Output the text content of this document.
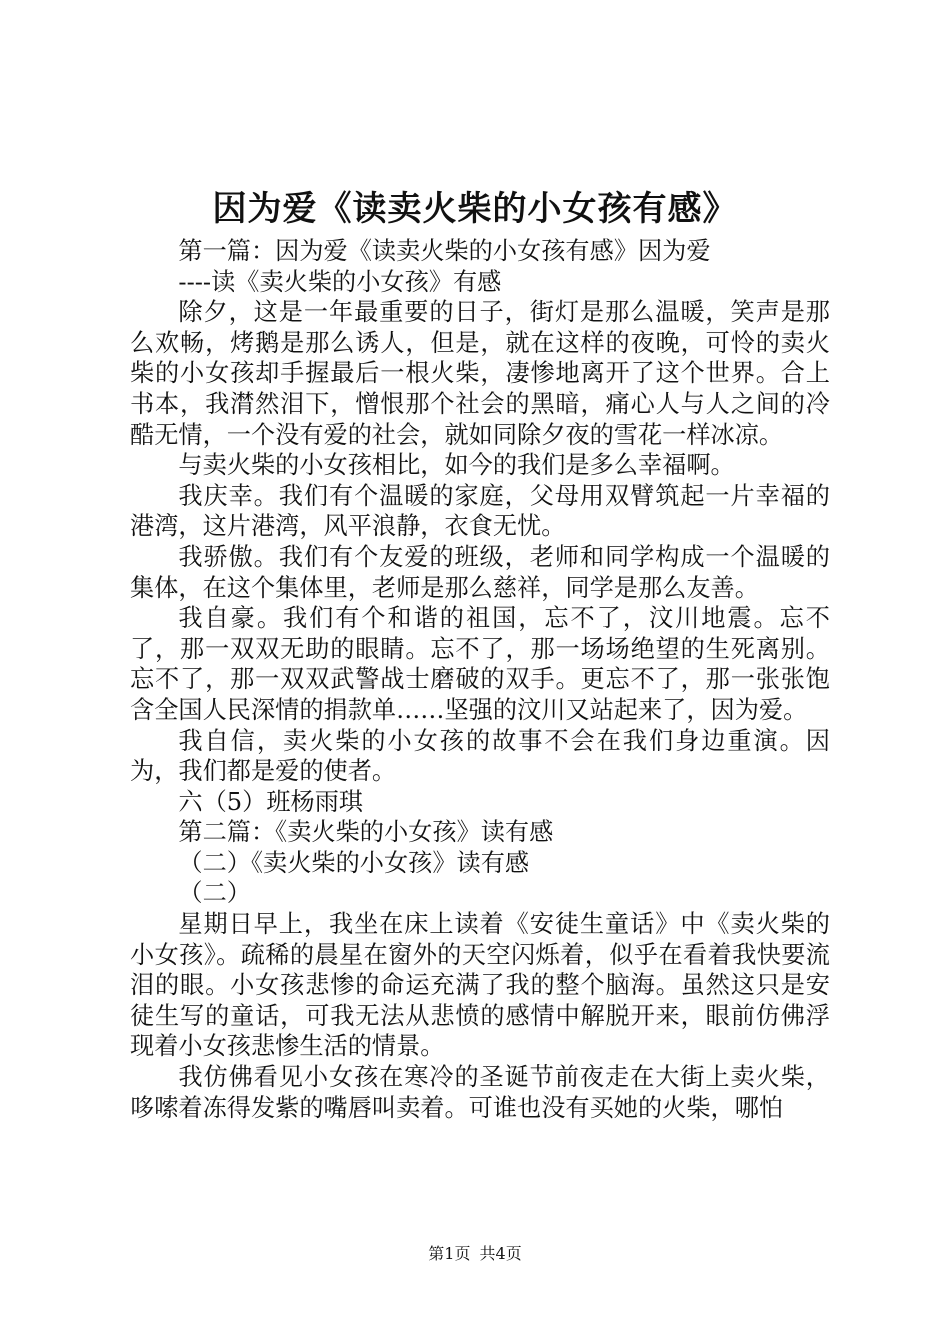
因为爱《读卖火柴的小女孩有感》

第一篇：因为爱《读卖火柴的小女孩有感》因为爱

----读《卖火柴的小女孩》有感

除夕，这是一年最重要的日子，街灯是那么温暖，笑声是那么欢畅，烤鹅是那么诱人，但是，就在这样的夜晚，可怜的卖火柴的小女孩却手握最后一根火柴，凄惨地离开了这个世界。合上书本，我潸然泪下，憎恨那个社会的黑暗，痛心人与人之间的冷酷无情，一个没有爱的社会，就如同除夕夜的雪花一样冰凉。

与卖火柴的小女孩相比，如今的我们是多么幸福啊。

我庆幸。我们有个温暖的家庭，父母用双臂筑起一片幸福的港湾，这片港湾，风平浪静，衣食无忧。

我骄傲。我们有个友爱的班级，老师和同学构成一个温暖的集体，在这个集体里，老师是那么慈祥，同学是那么友善。

我自豪。我们有个和谐的祖国，忘不了，汶川地震。忘不了，那一双双无助的眼睛。忘不了，那一场场绝望的生死离别。忘不了，那一双双武警战士磨破的双手。更忘不了，那一张张饱含全国人民深情的捐款单……坚强的汶川又站起来了，因为爱。

我自信，卖火柴的小女孩的故事不会在我们身边重演。因为，我们都是爱的使者。

六（5）班杨雨琪

第二篇：《卖火柴的小女孩》读有感

（二）《卖火柴的小女孩》读有感

（二）

星期日早上，我坐在床上读着《安徒生童话》中《卖火柴的小女孩》。疏稀的晨星在窗外的天空闪烁着，似乎在看着我快要流泪的眼。小女孩悲惨的命运充满了我的整个脑海。虽然这只是安徒生写的童话，可我无法从悲愤的感情中解脱开来，眼前仿佛浮现着小女孩悲惨生活的情景。

我仿佛看见小女孩在寒冷的圣诞节前夜走在大街上卖火柴，哆嗦着冻得发紫的嘴唇叫卖着。可谁也没有买她的火柴，哪怕

第1页 共4页
